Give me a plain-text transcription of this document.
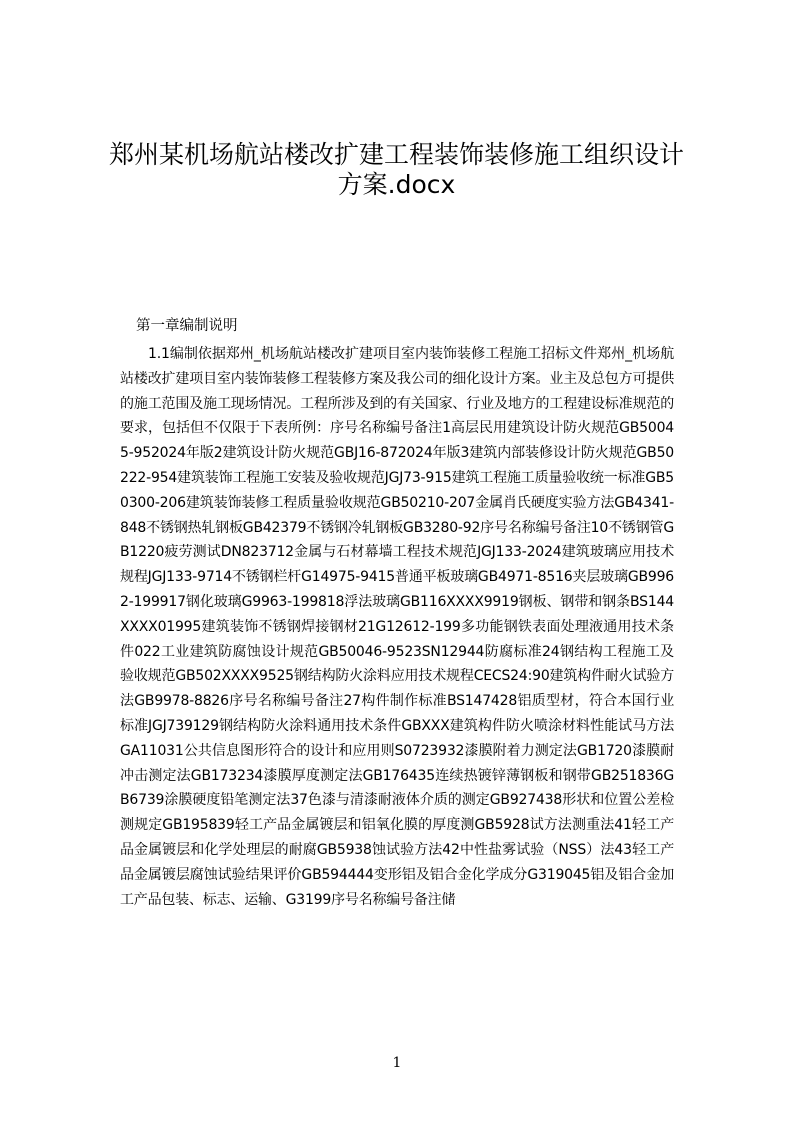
郑州某机场航站楼改扩建工程装饰装修施工组织设计方案.docx

第一章编制说明

1.1编制依据郑州_机场航站楼改扩建项目室内装饰装修工程施工招标文件郑州_机场航站楼改扩建项目室内装饰装修工程装修方案及我公司的细化设计方案。业主及总包方可提供的施工范围及施工现场情况。工程所涉及到的有关国家、行业及地方的工程建设标准规范的要求，包括但不仅限于下表所例：序号名称编号备注1高层民用建筑设计防火规范GB50045-952024年版2建筑设计防火规范GBJ16-872024年版3建筑内部装修设计防火规范GB50222-954建筑装饰工程施工安装及验收规范JGJ73-915建筑工程施工质量验收统一标准GB50300-206建筑装饰装修工程质量验收规范GB50210-207金属肖氏硬度实验方法GB4341-848不锈钢热轧钢板GB42379不锈钢冷轧钢板GB3280-92序号名称编号备注10不锈钢管GB1220疲劳测试DN823712金属与石材幕墙工程技术规范JGJ133-2024建筑玻璃应用技术规程JGJ133-9714不锈钢栏杆G14975-9415普通平板玻璃GB4971-8516夹层玻璃GB9962-199917钢化玻璃G9963-199818浮法玻璃GB116XXXX9919钢板、钢带和钢条BS144XXXX01995建筑装饰不锈钢焊接钢材21G12612-199多功能钢铁表面处理液通用技术条件022工业建筑防腐蚀设计规范GB50046-9523SN12944防腐标准24钢结构工程施工及验收规范GB502XXXX9525钢结构防火涂料应用技术规程CECS24:90建筑构件耐火试验方法GB9978-8826序号名称编号备注27构件制作标准BS147428铝质型材，符合本国行业标准JGJ739129钢结构防火涂料通用技术条件GBXXX建筑构件防火喷涂材料性能试马方法GA11031公共信息图形符合的设计和应用则S0723932漆膜附着力测定法GB1720漆膜耐冲击测定法GB173234漆膜厚度测定法GB176435连续热镀锌薄钢板和钢带GB251836GB6739涂膜硬度铅笔测定法37色漆与清漆耐液体介质的测定GB927438形状和位置公差检测规定GB195839轻工产品金属镀层和铝氧化膜的厚度测GB5928试方法测重法41轻工产品金属镀层和化学处理层的耐腐GB5938蚀试验方法42中性盐雾试验（NSS）法43轻工产品金属镀层腐蚀试验结果评价GB594444变形铝及铝合金化学成分G319045铝及铝合金加工产品包装、标志、运输、G3199序号名称编号备注储

1
